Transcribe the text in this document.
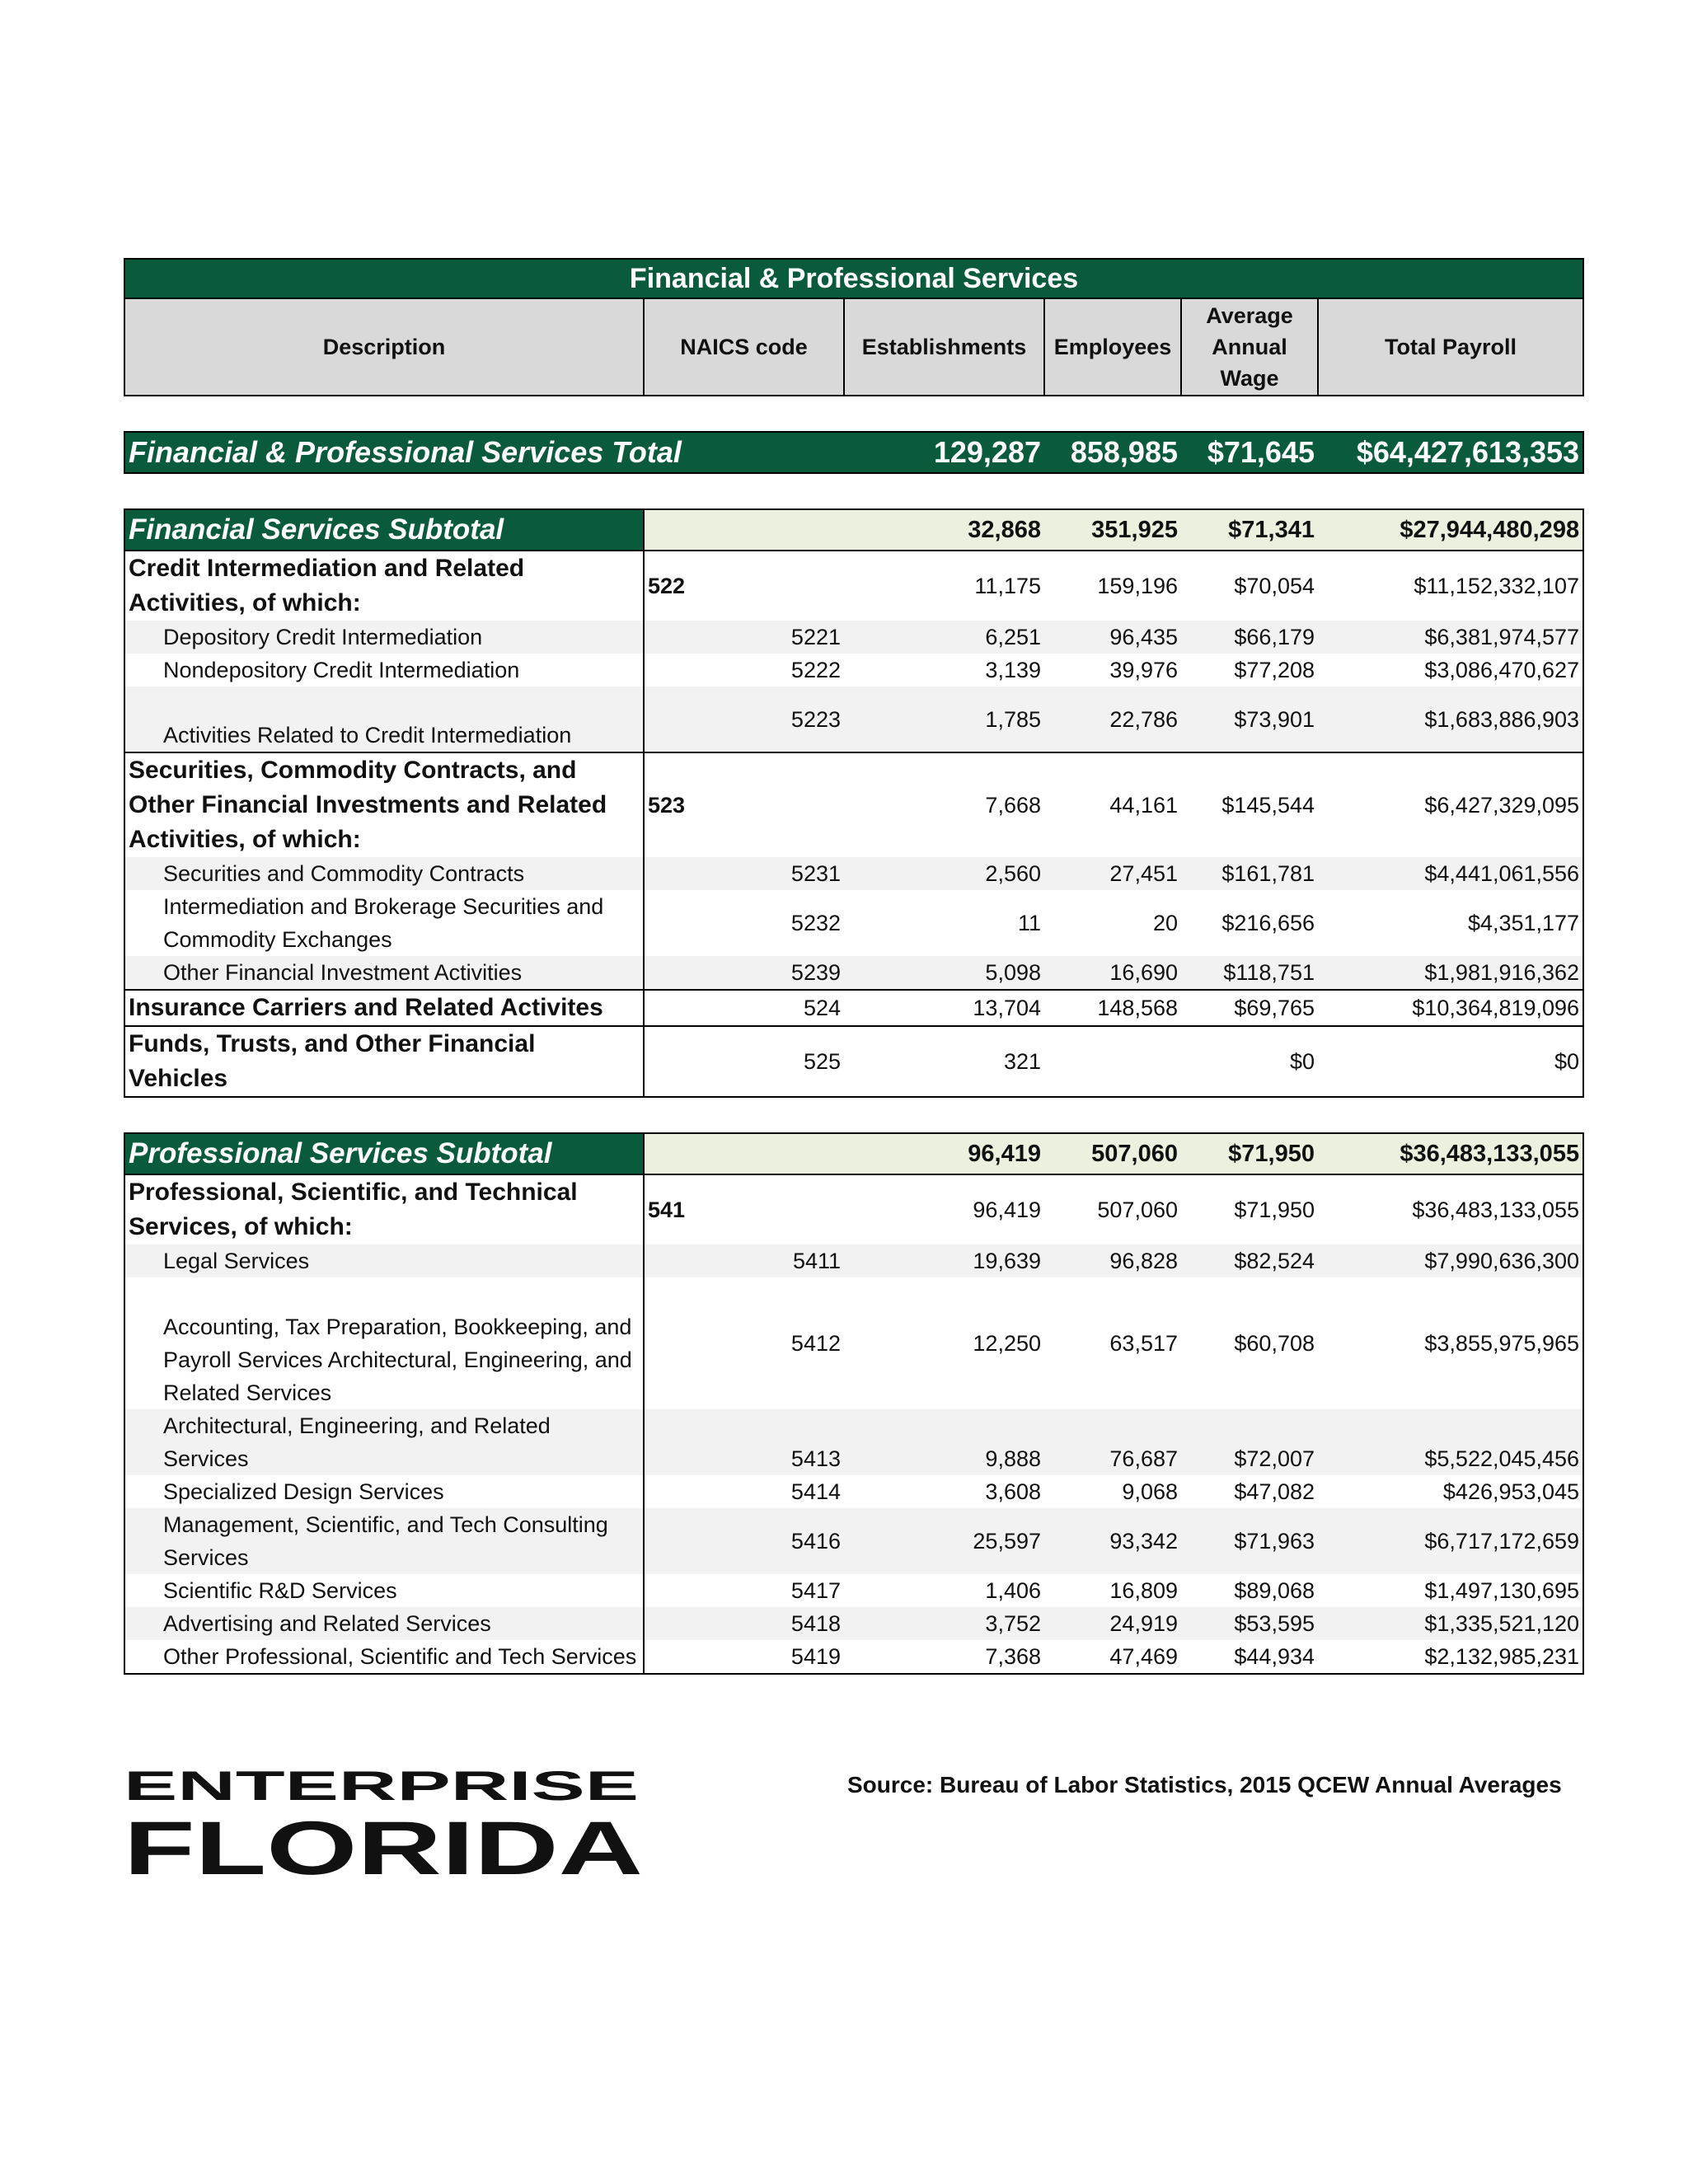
Financial & Professional Services					
Description	NAICS code	Establishments	Employees	Average Annual Wage	Total Payroll

Financial & Professional Services Total		129,287	858,985	$71,645	$64,427,613,353

Financial Services Subtotal		32,868	351,925	$71,341	$27,944,480,298
Credit Intermediation and Related Activities, of which:	522	11,175	159,196	$70,054	$11,152,332,107
Depository Credit Intermediation	5221	6,251	96,435	$66,179	$6,381,974,577
Nondepository Credit Intermediation	5222	3,139	39,976	$77,208	$3,086,470,627
Activities Related to Credit Intermediation	5223	1,785	22,786	$73,901	$1,683,886,903
Securities, Commodity Contracts, and Other Financial Investments and Related Activities, of which:	523	7,668	44,161	$145,544	$6,427,329,095
Securities and Commodity Contracts	5231	2,560	27,451	$161,781	$4,441,061,556
Intermediation and Brokerage Securities and Commodity Exchanges	5232	11	20	$216,656	$4,351,177
Other Financial Investment Activities	5239	5,098	16,690	$118,751	$1,981,916,362
Insurance Carriers and Related Activites	524	13,704	148,568	$69,765	$10,364,819,096
Funds, Trusts, and Other Financial Vehicles	525	321		$0	$0

Professional Services Subtotal		96,419	507,060	$71,950	$36,483,133,055
Professional, Scientific, and Technical Services, of which:	541	96,419	507,060	$71,950	$36,483,133,055
Legal Services	5411	19,639	96,828	$82,524	$7,990,636,300
Accounting, Tax Preparation, Bookkeeping, and Payroll Services Architectural, Engineering, and Related Services	5412	12,250	63,517	$60,708	$3,855,975,965
Architectural, Engineering, and Related Services	5413	9,888	76,687	$72,007	$5,522,045,456
Specialized Design Services	5414	3,608	9,068	$47,082	$426,953,045
Management, Scientific, and Tech Consulting Services	5416	25,597	93,342	$71,963	$6,717,172,659
Scientific R&D Services	5417	1,406	16,809	$89,068	$1,497,130,695
Advertising and Related Services	5418	3,752	24,919	$53,595	$1,335,521,120
Other Professional, Scientific and Tech Services	5419	7,368	47,469	$44,934	$2,132,985,231
ENTERPRISE
FLORIDA
Source: Bureau of Labor Statistics, 2015 QCEW Annual Averages
